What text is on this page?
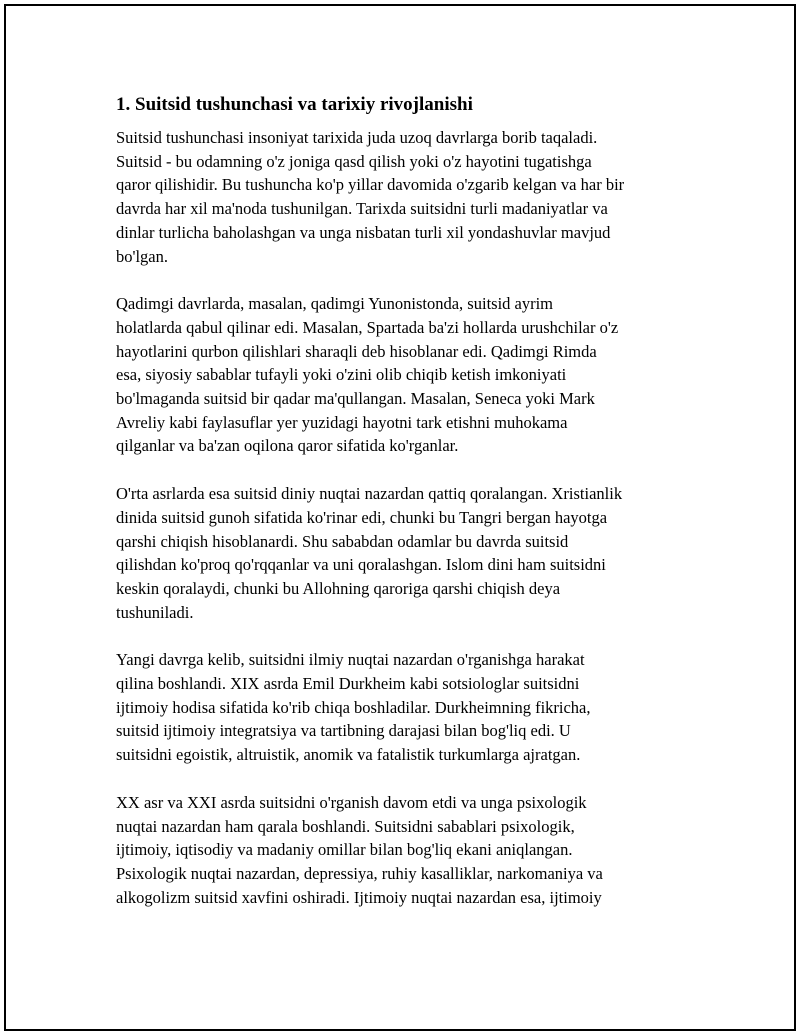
1. Suitsid tushunchasi va tarixiy rivojlanishi
Suitsid tushunchasi insoniyat tarixida juda uzoq davrlarga borib taqaladi.
Suitsid - bu odamning o'z joniga qasd qilish yoki o'z hayotini tugatishga
qaror qilishidir. Bu tushuncha ko'p yillar davomida o'zgarib kelgan va har bir
davrda har xil ma'noda tushunilgan. Tarixda suitsidni turli madaniyatlar va
dinlar turlicha baholashgan va unga nisbatan turli xil yondashuvlar mavjud
bo'lgan.
Qadimgi davrlarda, masalan, qadimgi Yunonistonda, suitsid ayrim
holatlarda qabul qilinar edi. Masalan, Spartada ba'zi hollarda urushchilar o'z
hayotlarini qurbon qilishlari sharaqli deb hisoblanar edi. Qadimgi Rimda
esa, siyosiy sabablar tufayli yoki o'zini olib chiqib ketish imkoniyati
bo'lmaganda suitsid bir qadar ma'qullangan. Masalan, Seneca yoki Mark
Avreliy kabi faylasuflar yer yuzidagi hayotni tark etishni muhokama
qilganlar va ba'zan oqilona qaror sifatida ko'rganlar.
O'rta asrlarda esa suitsid diniy nuqtai nazardan qattiq qoralangan. Xristianlik
dinida suitsid gunoh sifatida ko'rinar edi, chunki bu Tangri bergan hayotga
qarshi chiqish hisoblanardi. Shu sababdan odamlar bu davrda suitsid
qilishdan ko'proq qo'rqqanlar va uni qoralashgan. Islom dini ham suitsidni
keskin qoralaydi, chunki bu Allohning qaroriga qarshi chiqish deya
tushuniladi.
Yangi davrga kelib, suitsidni ilmiy nuqtai nazardan o'rganishga harakat
qilina boshlandi. XIX asrda Emil Durkheim kabi sotsiologlar suitsidni
ijtimoiy hodisa sifatida ko'rib chiqa boshladilar. Durkheimning fikricha,
suitsid ijtimoiy integratsiya va tartibning darajasi bilan bog'liq edi. U
suitsidni egoistik, altruistik, anomik va fatalistik turkumlarga ajratgan.
XX asr va XXI asrda suitsidni o'rganish davom etdi va unga psixologik
nuqtai nazardan ham qarala boshlandi. Suitsidni sabablari psixologik,
ijtimoiy, iqtisodiy va madaniy omillar bilan bog'liq ekani aniqlangan.
Psixologik nuqtai nazardan, depressiya, ruhiy kasalliklar, narkomaniya va
alkogolizm suitsid xavfini oshiradi. Ijtimoiy nuqtai nazardan esa, ijtimoiy
